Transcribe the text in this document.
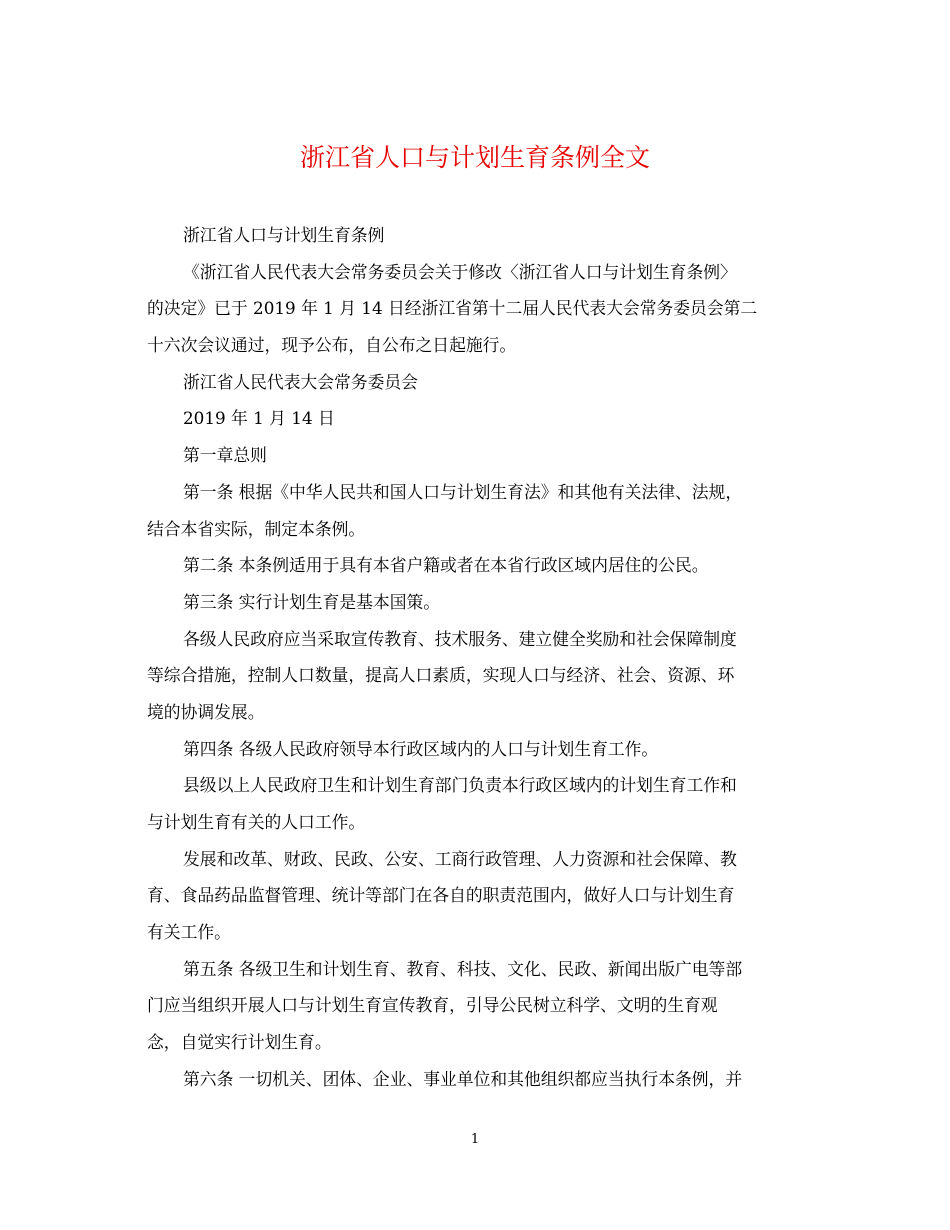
浙江省人口与计划生育条例全文

浙江省人口与计划生育条例

《浙江省人民代表大会常务委员会关于修改〈浙江省人口与计划生育条例〉

的决定》已于 2019 年 1 月 14 日经浙江省第十二届人民代表大会常务委员会第二

十六次会议通过，现予公布，自公布之日起施行。

浙江省人民代表大会常务委员会

2019 年 1 月 14 日

第一章总则

第一条 根据《中华人民共和国人口与计划生育法》和其他有关法律、法规，

结合本省实际，制定本条例。

第二条 本条例适用于具有本省户籍或者在本省行政区域内居住的公民。

第三条 实行计划生育是基本国策。

各级人民政府应当采取宣传教育、技术服务、建立健全奖励和社会保障制度

等综合措施，控制人口数量，提高人口素质，实现人口与经济、社会、资源、环

境的协调发展。

第四条 各级人民政府领导本行政区域内的人口与计划生育工作。

县级以上人民政府卫生和计划生育部门负责本行政区域内的计划生育工作和

与计划生育有关的人口工作。

发展和改革、财政、民政、公安、工商行政管理、人力资源和社会保障、教

育、食品药品监督管理、统计等部门在各自的职责范围内，做好人口与计划生育

有关工作。

第五条 各级卫生和计划生育、教育、科技、文化、民政、新闻出版广电等部

门应当组织开展人口与计划生育宣传教育，引导公民树立科学、文明的生育观

念，自觉实行计划生育。

第六条 一切机关、团体、企业、事业单位和其他组织都应当执行本条例，并

1
